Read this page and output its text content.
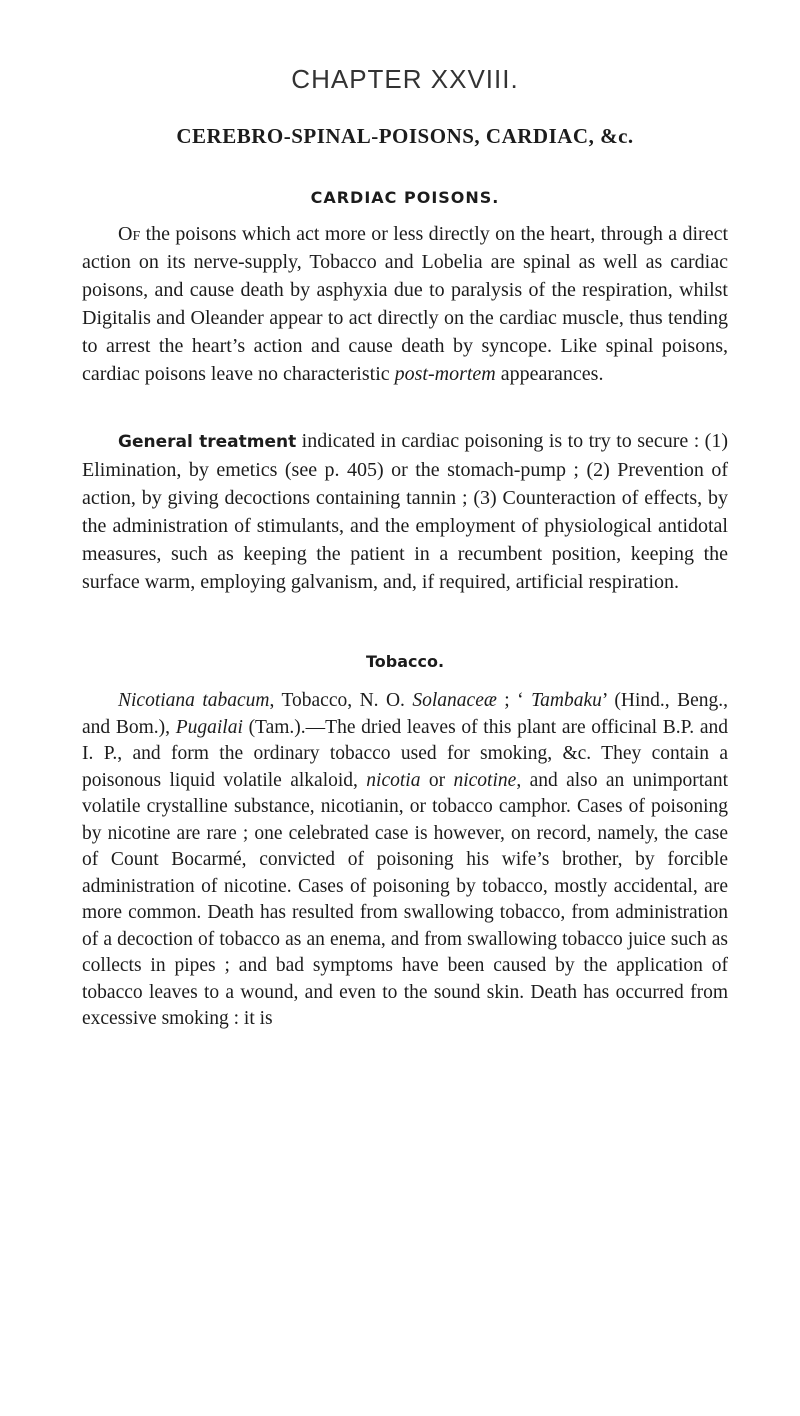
CHAPTER XXVIII.
CEREBRO-SPINAL-POISONS, CARDIAC, &c.
CARDIAC POISONS.
Of the poisons which act more or less directly on the heart, through a direct action on its nerve-supply, Tobacco and Lobelia are spinal as well as cardiac poisons, and cause death by asphyxia due to paralysis of the respiration, whilst Digitalis and Oleander appear to act directly on the cardiac muscle, thus tending to arrest the heart’s action and cause death by syncope. Like spinal poisons, cardiac poisons leave no characteristic post-mortem appearances.
General treatment indicated in cardiac poisoning is to try to secure : (1) Elimination, by emetics (see p. 405) or the stomach-pump ; (2) Prevention of action, by giving decoctions containing tannin ; (3) Counteraction of effects, by the administration of stimulants, and the employment of physiological antidotal measures, such as keeping the patient in a recumbent position, keeping the surface warm, employing galvanism, and, if required, artificial respiration.
Tobacco.
Nicotiana tabacum, Tobacco, N. O. Solanaceæ ; ‘ Tambaku’ (Hind., Beng., and Bom.), Pugailai (Tam.).—The dried leaves of this plant are officinal B.P. and I. P., and form the ordinary tobacco used for smoking, &c. They contain a poisonous liquid volatile alkaloid, nicotia or nicotine, and also an unimportant volatile crystalline substance, nicotianin, or tobacco camphor. Cases of poisoning by nicotine are rare ; one celebrated case is however, on record, namely, the case of Count Bocarmé, convicted of poisoning his wife’s brother, by forcible administration of nicotine. Cases of poisoning by tobacco, mostly accidental, are more common. Death has resulted from swallowing tobacco, from administration of a decoction of tobacco as an enema, and from swallowing tobacco juice such as collects in pipes ; and bad symptoms have been caused by the application of tobacco leaves to a wound, and even to the sound skin. Death has occurred from excessive smoking : it is
